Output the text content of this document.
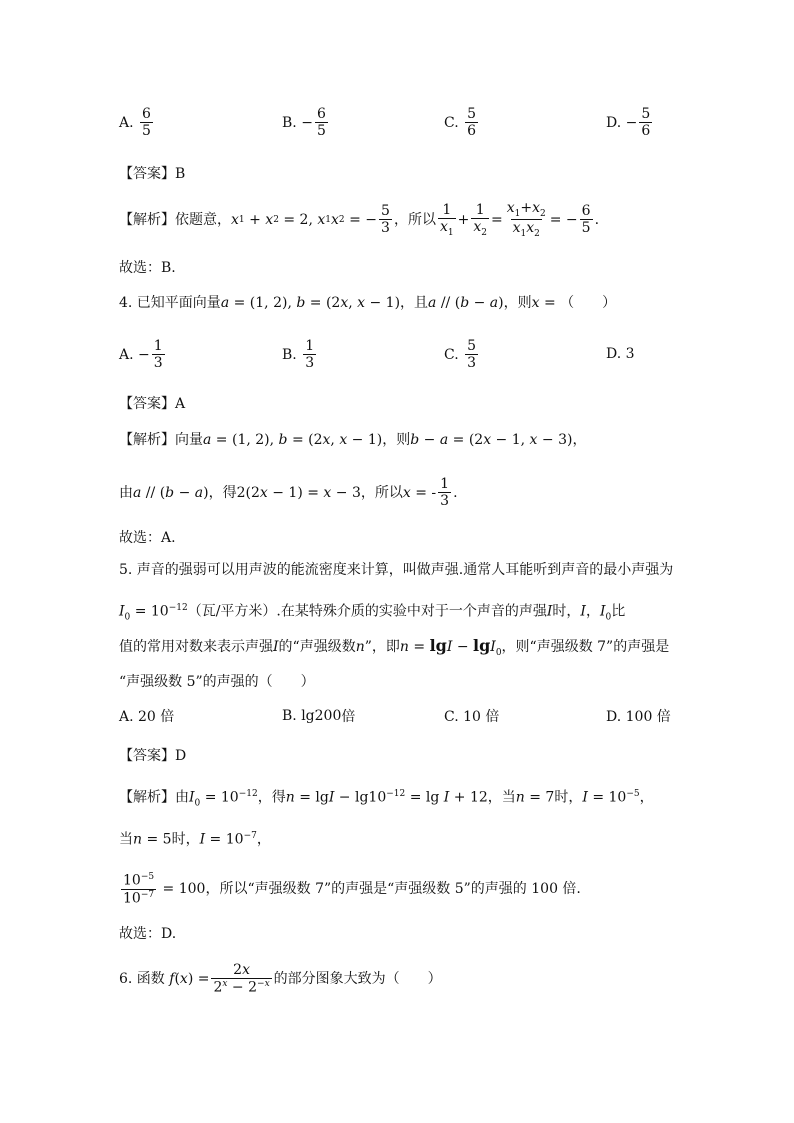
A.
$\frac{6}{5}$	B.
− $\frac{6}{5}$	C.
$\frac{5}{6}$	D.
− $\frac{5}{6}$
【答案】B
【解析】 依题意， x 1 + x 2 = 2, x 1 x 2 = − $\frac{5}{3}$ ，所以 $\frac{1}{x_1} + \frac{1}{x_2} = \frac{x_1+x_2}{x_1x_2}$ = − $\frac{6}{5}$ .
故选：B.
4. 已知平面向量a = (1, 2), b = (2x, x − 1)，且a // (b − a)，则x = （　　）
A.
− $\frac{1}{3}$	B.
$\frac{1}{3}$	C.
$\frac{5}{3}$	D. 3
【答案】A
【解析】向量a = (1, 2), b = (2x, x − 1)，则b − a = (2x − 1, x − 3)，
由 a // ( b − a ) ，得 2(2 x − 1) = x − 3 ，所以 x = - $\frac{1}{3}$ .
故选：A.
5. 声音的强弱可以用声波的能流密度来计算，叫做声强.通常人耳能听到声音的最小声强为
$I_0 = 10^{-12}$（瓦/平方米）.在某特殊介质的实验中对于一个声音的声强I时，I，$I_0$比
值的常用对数来表示声强I的“声强级数n”，即n = lgI − lgI$_0$，则“声强级数 7”的声强是
“声强级数 5”的声强的（　　）
A. 20 倍	B. lg200 倍	C. 10 倍	D. 100 倍
【答案】D
【解析】由$I_0 = 10^{-12}$，得$n = \lg I - \lg 10^{-12} = \lg I + 12$，当n = 7时，$I = 10^{-5}$，
当n = 5时，$I = 10^{-7}$，
$\frac{10^{-5}}{10^{-7}} = 100$ ，所以“声强级数 7”的声强是“声强级数 5”的声强的 100 倍.
故选：D.
6. 函数
f ( x ) = $\frac{2x}{2^x - 2^{-x}}$ 的部分图象大致为（　　）
